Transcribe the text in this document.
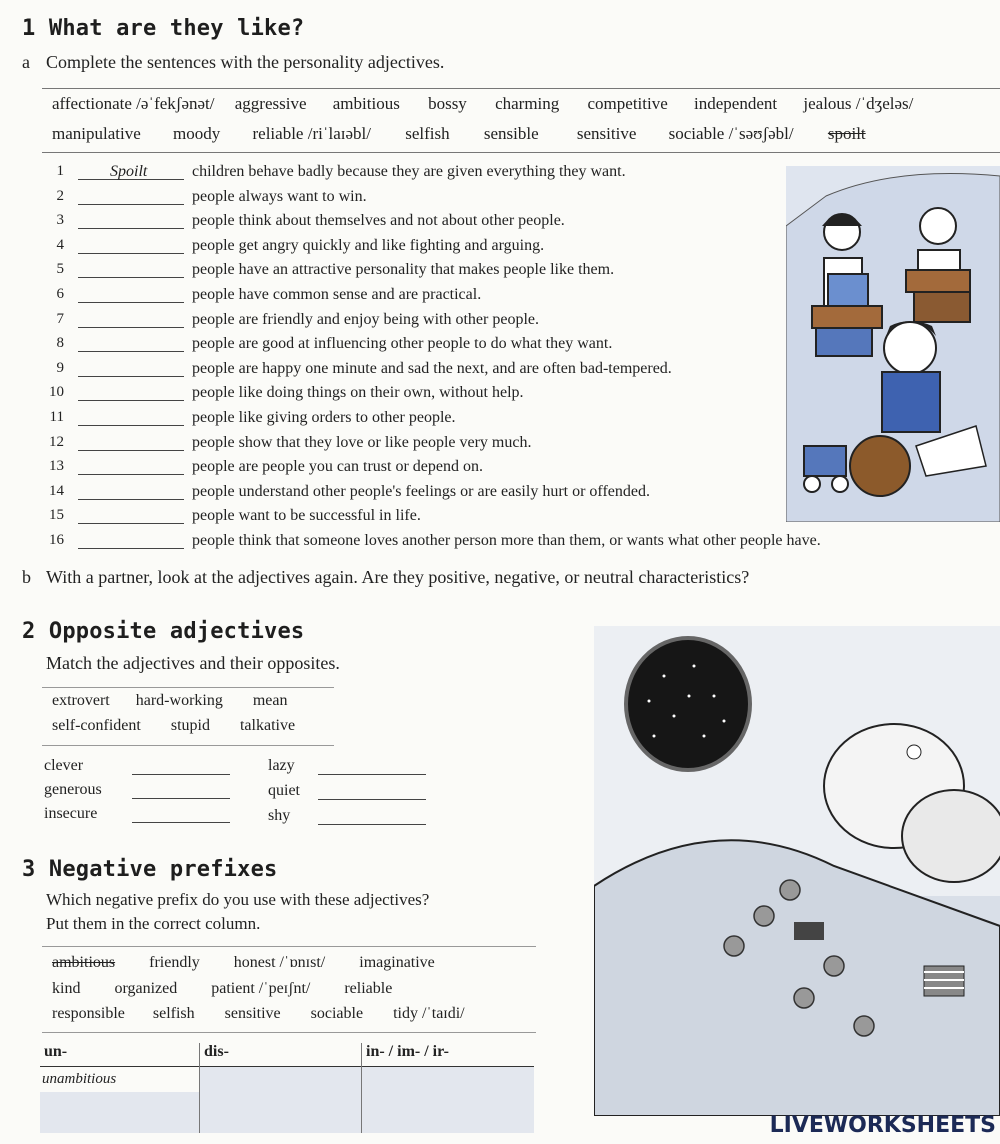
1 What are they like?
a Complete the sentences with the personality adjectives.
affectionate /əˈfekʃənət/ aggressive ambitious bossy charming competitive independent jealous /ˈdʒeləs/
manipulative moody reliable /riˈlaɪəbl/ selfish sensible sensitive sociable /ˈsəʊʃəbl/ spoilt
1	children behave badly because they are given everything they want.
2	people always want to win.
3	people think about themselves and not about other people.
4	people get angry quickly and like fighting and arguing.
5	people have an attractive personality that makes people like them.
6	people have common sense and are practical.
7	people are friendly and enjoy being with other people.
8	people are good at influencing other people to do what they want.
9	people are happy one minute and sad the next, and are often bad-tempered.
10	people like doing things on their own, without help.
11	people like giving orders to other people.
12	people show that they love or like people very much.
13	people are people you can trust or depend on.
14	people understand other people's feelings or are easily hurt or offended.
15	people want to be successful in life.
16	people think that someone loves another person more than them, or wants what other people have.
Spoilt
b With a partner, look at the adjectives again. Are they positive, negative, or neutral characteristics?
2 Opposite adjectives
Match the adjectives and their opposites.
extrovert hard-working mean
self-confident stupid talkative
clever
generous
insecure
lazy
quiet
shy
3 Negative prefixes
Which negative prefix do you use with these adjectives?
Put them in the correct column.
ambitious friendly honest /ˈɒnɪst/ imaginative
kind organized patient /ˈpeɪʃnt/ reliable
responsible selfish sensitive sociable tidy /ˈtaɪdi/
un-	dis-	in- / im- / ir-
unambitious
LIVEWORKSHEETS
